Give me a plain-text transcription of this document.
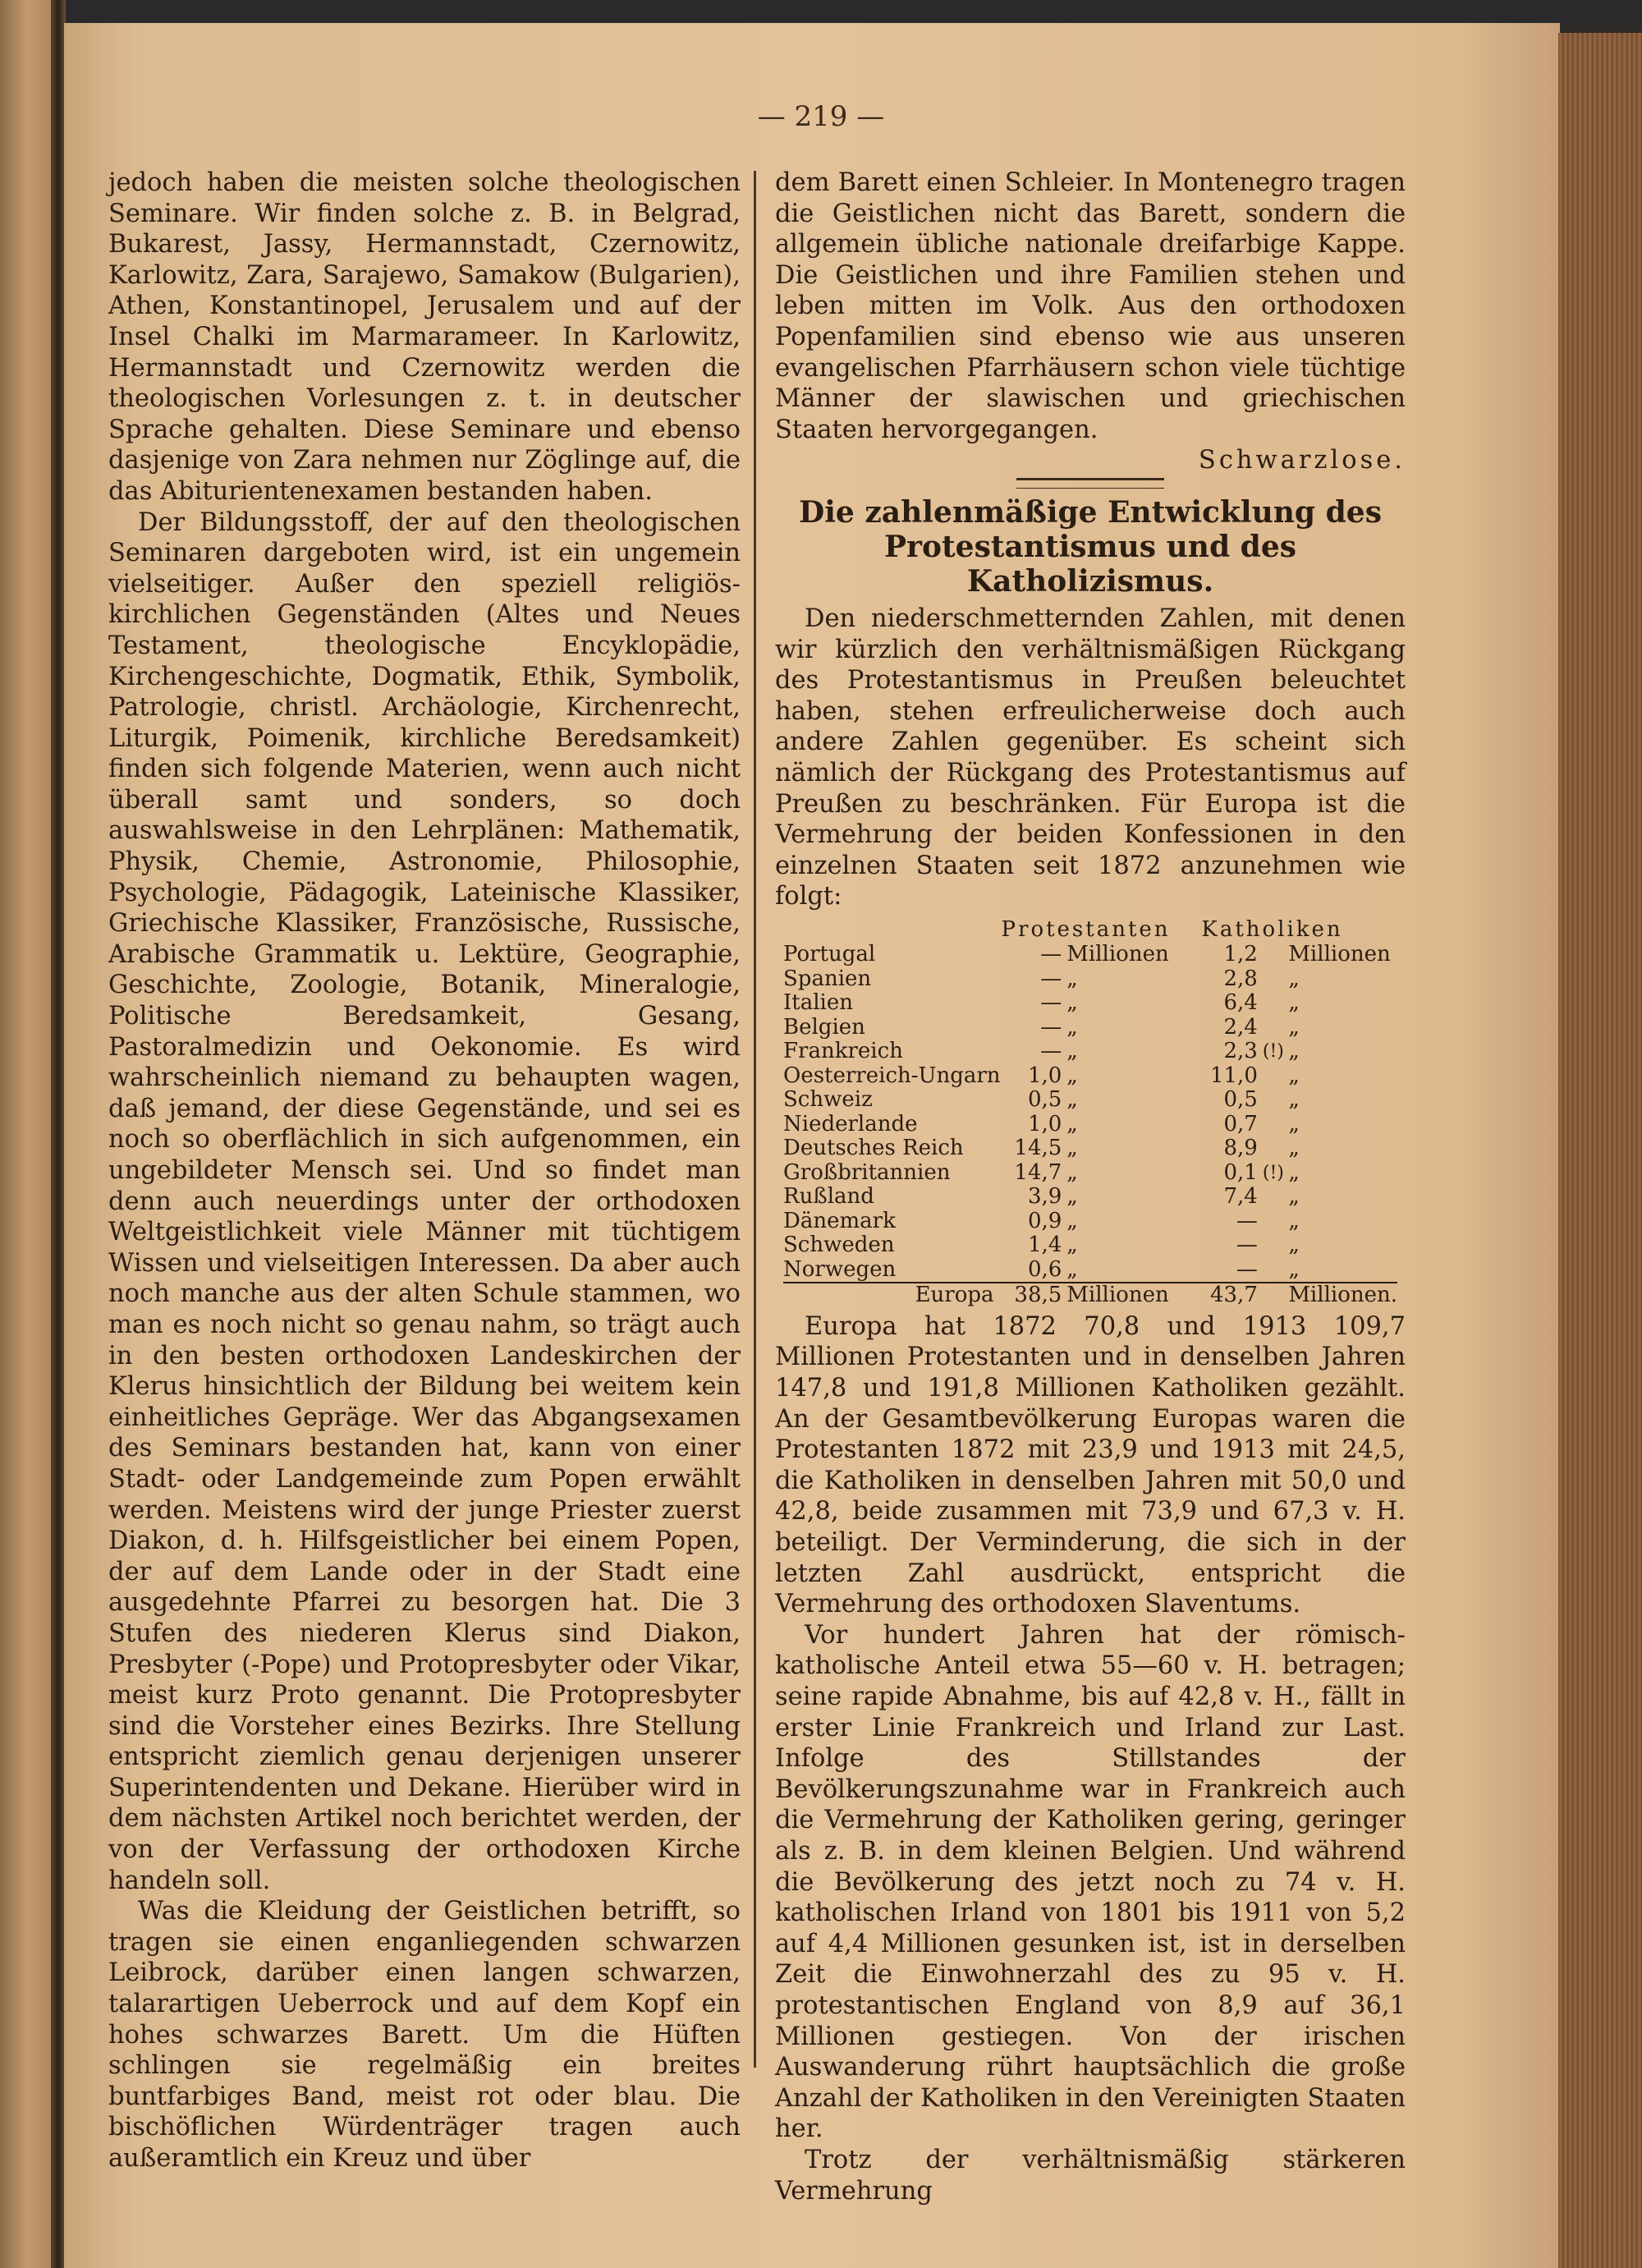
— 219 —

jedoch haben die meisten solche theologischen Seminare. Wir finden solche z. B. in Belgrad, Bukarest, Jassy, Hermannstadt, Czernowitz, Karlowitz, Zara, Sarajewo, Samakow (Bulgarien), Athen, Konstantinopel, Jerusalem und auf der Insel Chalki im Marmarameer. In Karlowitz, Hermannstadt und Czernowitz werden die theologischen Vorlesungen z. t. in deutscher Sprache gehalten. Diese Seminare und ebenso dasjenige von Zara nehmen nur Zöglinge auf, die das Abiturientenexamen bestanden haben.

Der Bildungsstoff, der auf den theologischen Seminaren dargeboten wird, ist ein ungemein vielseitiger. Außer den speziell religiös-kirchlichen Gegenständen (Altes und Neues Testament, theologische Encyklopädie, Kirchengeschichte, Dogmatik, Ethik, Symbolik, Patrologie, christl. Archäologie, Kirchenrecht, Liturgik, Poimenik, kirchliche Beredsamkeit) finden sich folgende Materien, wenn auch nicht überall samt und sonders, so doch auswahlsweise in den Lehrplänen: Mathematik, Physik, Chemie, Astronomie, Philosophie, Psychologie, Pädagogik, Lateinische Klassiker, Griechische Klassiker, Französische, Russische, Arabische Grammatik u. Lektüre, Geographie, Geschichte, Zoologie, Botanik, Mineralogie, Politische Beredsamkeit, Gesang, Pastoralmedizin und Oekonomie. Es wird wahrscheinlich niemand zu behaupten wagen, daß jemand, der diese Gegenstände, und sei es noch so oberflächlich in sich aufgenommen, ein ungebildeter Mensch sei. Und so findet man denn auch neuerdings unter der orthodoxen Weltgeistlichkeit viele Männer mit tüchtigem Wissen und vielseitigen Interessen. Da aber auch noch manche aus der alten Schule stammen, wo man es noch nicht so genau nahm, so trägt auch in den besten orthodoxen Landeskirchen der Klerus hinsichtlich der Bildung bei weitem kein einheitliches Gepräge. Wer das Abgangsexamen des Seminars bestanden hat, kann von einer Stadt- oder Landgemeinde zum Popen erwählt werden. Meistens wird der junge Priester zuerst Diakon, d. h. Hilfsgeistlicher bei einem Popen, der auf dem Lande oder in der Stadt eine ausgedehnte Pfarrei zu besorgen hat. Die 3 Stufen des niederen Klerus sind Diakon, Presbyter (-Pope) und Protopresbyter oder Vikar, meist kurz Proto genannt. Die Protopresbyter sind die Vorsteher eines Bezirks. Ihre Stellung entspricht ziemlich genau derjenigen unserer Superintendenten und Dekane. Hierüber wird in dem nächsten Artikel noch berichtet werden, der von der Verfassung der orthodoxen Kirche handeln soll.

Was die Kleidung der Geistlichen betrifft, so tragen sie einen enganliegenden schwarzen Leibrock, darüber einen langen schwarzen, talarartigen Ueberrock und auf dem Kopf ein hohes schwarzes Barett. Um die Hüften schlingen sie regelmäßig ein breites buntfarbiges Band, meist rot oder blau. Die bischöflichen Würdenträger tragen auch außeramtlich ein Kreuz und über

dem Barett einen Schleier. In Montenegro tragen die Geistlichen nicht das Barett, sondern die allgemein übliche nationale dreifarbige Kappe. Die Geistlichen und ihre Familien stehen und leben mitten im Volk. Aus den orthodoxen Popenfamilien sind ebenso wie aus unseren evangelischen Pfarrhäusern schon viele tüchtige Männer der slawischen und griechischen Staaten hervorgegangen.

Schwarzlose.
Die zahlenmäßige Entwicklung des
Protestantismus und des Katholizismus.

Den niederschmetternden Zahlen, mit denen wir kürzlich den verhältnismäßigen Rückgang des Protestantismus in Preußen beleuchtet haben, stehen erfreulicherweise doch auch andere Zahlen gegenüber. Es scheint sich nämlich der Rückgang des Protestantismus auf Preußen zu beschränken. Für Europa ist die Vermehrung der beiden Konfessionen in den einzelnen Staaten seit 1872 anzunehmen wie folgt:

	Protestanten		Katholiken		
Portugal	—	Millionen	1,2		Millionen
Spanien	—	„	2,8		„
Italien	—	„	6,4		„
Belgien	—	„	2,4		„
Frankreich	—	„	2,3	(!)	„
Oesterreich-Ungarn	1,0	„	11,0		„
Schweiz	0,5	„	0,5		„
Niederlande	1,0	„	0,7		„
Deutsches Reich	14,5	„	8,9		„
Großbritannien	14,7	„	0,1	(!)	„
Rußland	3,9	„	7,4		„
Dänemark	0,9	„	—		„
Schweden	1,4	„	—		„
Norwegen	0,6	„	—		„
Europa	38,5	Millionen	43,7		Millionen.

Europa hat 1872 70,8 und 1913 109,7 Millionen Protestanten und in denselben Jahren 147,8 und 191,8 Millionen Katholiken gezählt. An der Gesamtbevölkerung Europas waren die Protestanten 1872 mit 23,9 und 1913 mit 24,5, die Katholiken in denselben Jahren mit 50,0 und 42,8, beide zusammen mit 73,9 und 67,3 v. H. beteiligt. Der Verminderung, die sich in der letzten Zahl ausdrückt, entspricht die Vermehrung des orthodoxen Slaventums.

Vor hundert Jahren hat der römisch-katholische Anteil etwa 55—60 v. H. betragen; seine rapide Abnahme, bis auf 42,8 v. H., fällt in erster Linie Frankreich und Irland zur Last. Infolge des Stillstandes der Bevölkerungszunahme war in Frankreich auch die Vermehrung der Katholiken gering, geringer als z. B. in dem kleinen Belgien. Und während die Bevölkerung des jetzt noch zu 74 v. H. katholischen Irland von 1801 bis 1911 von 5,2 auf 4,4 Millionen gesunken ist, ist in derselben Zeit die Einwohnerzahl des zu 95 v. H. protestantischen England von 8,9 auf 36,1 Millionen gestiegen. Von der irischen Auswanderung rührt hauptsächlich die große Anzahl der Katholiken in den Vereinigten Staaten her.

Trotz der verhältnismäßig stärkeren Vermehrung
